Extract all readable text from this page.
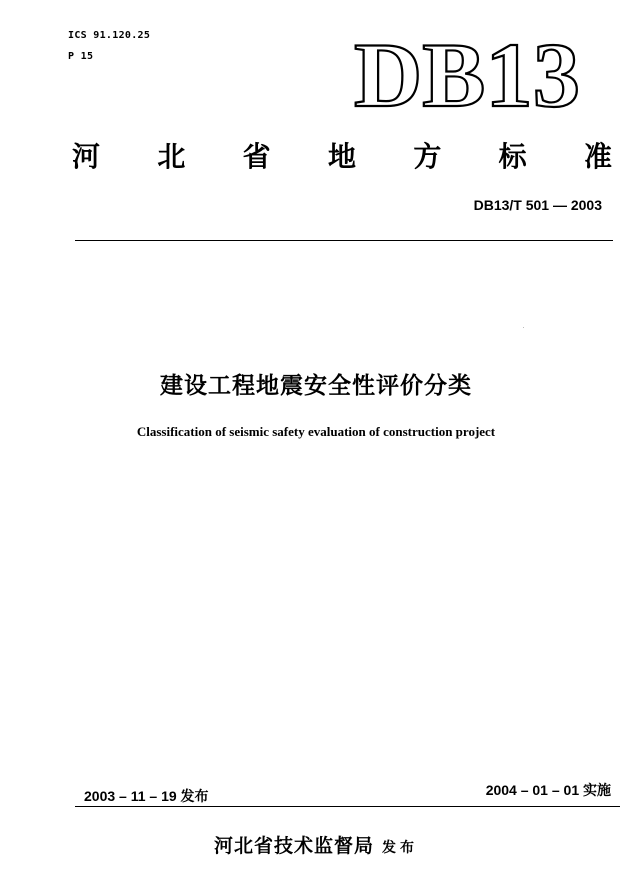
ICS 91.120.25
P 15	DB13
河 北 省 地 方 标 准
DB13/T 501 — 2003
建设工程地震安全性评价分类
Classification of seismic safety evaluation of construction project
2003 – 11 – 19 发布	2004 – 01 – 01 实施
河北省技术监督局 发布
